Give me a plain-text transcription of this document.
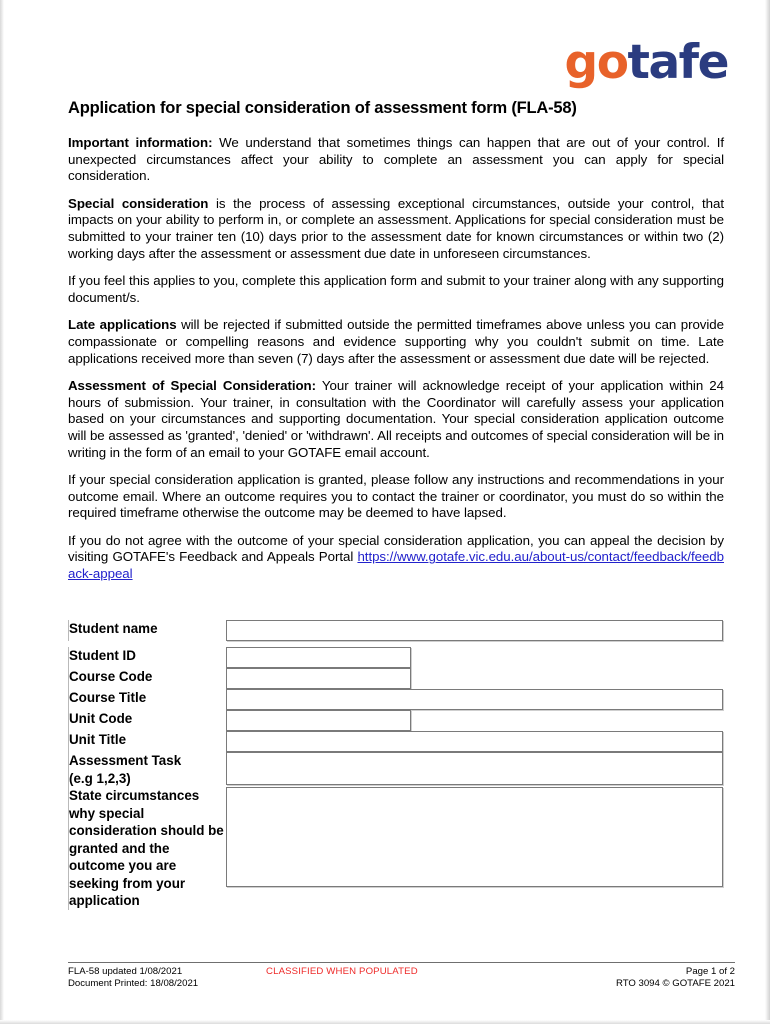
gotafe
Application for special consideration of assessment form (FLA-58)

Important information: We understand that sometimes things can happen that are out of your control. If unexpected circumstances affect your ability to complete an assessment you can apply for special consideration.

Special consideration is the process of assessing exceptional circumstances, outside your control, that impacts on your ability to perform in, or complete an assessment. Applications for special consideration must be submitted to your trainer ten (10) days prior to the assessment date for known circumstances or within two (2) working days after the assessment or assessment due date in unforeseen circumstances.

If you feel this applies to you, complete this application form and submit to your trainer along with any supporting document/s.

Late applications will be rejected if submitted outside the permitted timeframes above unless you can provide compassionate or compelling reasons and evidence supporting why you couldn't submit on time. Late applications received more than seven (7) days after the assessment or assessment due date will be rejected.

Assessment of Special Consideration: Your trainer will acknowledge receipt of your application within 24 hours of submission. Your trainer, in consultation with the Coordinator will carefully assess your application based on your circumstances and supporting documentation. Your special consideration application outcome will be assessed as 'granted', 'denied' or 'withdrawn'. All receipts and outcomes of special consideration will be in writing in the form of an email to your GOTAFE email account.

If your special consideration application is granted, please follow any instructions and recommendations in your outcome email. Where an outcome requires you to contact the trainer or coordinator, you must do so within the required timeframe otherwise the outcome may be deemed to have lapsed.

If you do not agree with the outcome of your special consideration application, you can appeal the decision by visiting GOTAFE's Feedback and Appeals Portal https://www.gotafe.vic.edu.au/about-us/contact/feedback/feedback-appeal

Student name	

Student ID	

Course Code	

Course Title	

Unit Code	

Unit Title	

Assessment Task
(e.g 1,2,3)	

State circumstances why special consideration should be granted and the outcome you are seeking from your application	
FLA-58 updated 1/08/2021
Document Printed: 18/08/2021
CLASSIFIED WHEN POPULATED	Page 1 of 2
RTO 3094 © GOTAFE 2021
